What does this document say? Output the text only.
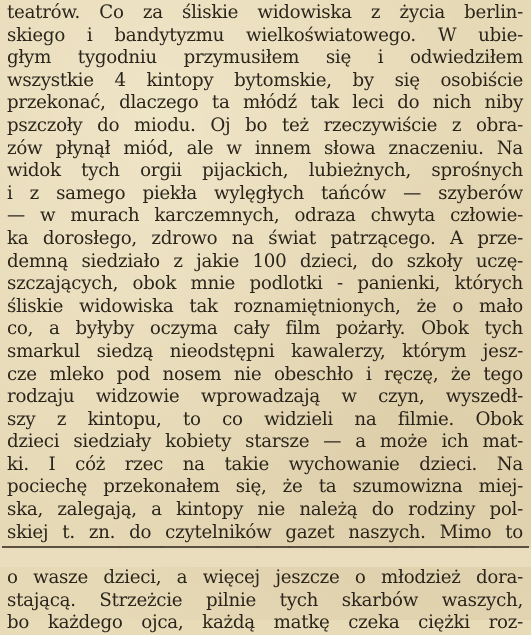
teatrów. Co za śliskie widowiska z życia berlin-
skiego i bandytyzmu wielkoświatowego. W ubie-
głym tygodniu przymusiłem się i odwiedziłem
wszystkie 4 kintopy bytomskie, by się osobiście
przekonać, dlaczego ta młódź tak leci do nich niby
pszczoły do miodu. Oj bo też rzeczywiście z obra-
zów płynął miód, ale w innem słowa znaczeniu. Na
widok tych orgii pijackich, lubieżnych, sprośnych
i z samego piekła wylęgłych tańców — szyberów
— w murach karczemnych, odraza chwyta człowie-
ka dorosłego, zdrowo na świat patrzącego. A prze-
demną siedziało z jakie 100 dzieci, do szkoły uczę-
szczających, obok mnie podlotki - panienki, których
śliskie widowiska tak roznamiętnionych, że o mało
co, a byłyby oczyma cały film pożarły. Obok tych
smarkul siedzą nieodstępni kawalerzy, którym jesz-
cze mleko pod nosem nie obeschło i ręczę, że tego
rodzaju widzowie wprowadzają w czyn, wyszedł-
szy z kintopu, to co widzieli na filmie. Obok
dzieci siedziały kobiety starsze — a może ich mat-
ki. I cóż rzec na takie wychowanie dzieci. Na
pociechę przekonałem się, że ta szumowizna miej-
ska, zalegają, a kintopy nie należą do rodziny pol-
skiej t. zn. do czytelników gazet naszych. Mimo to
o wasze dzieci, a więcej jeszcze o młodzież dora-
stającą. Strzeżcie pilnie tych skarbów waszych,
bo każdego ojca, każdą matkę czeka ciężki roz-
